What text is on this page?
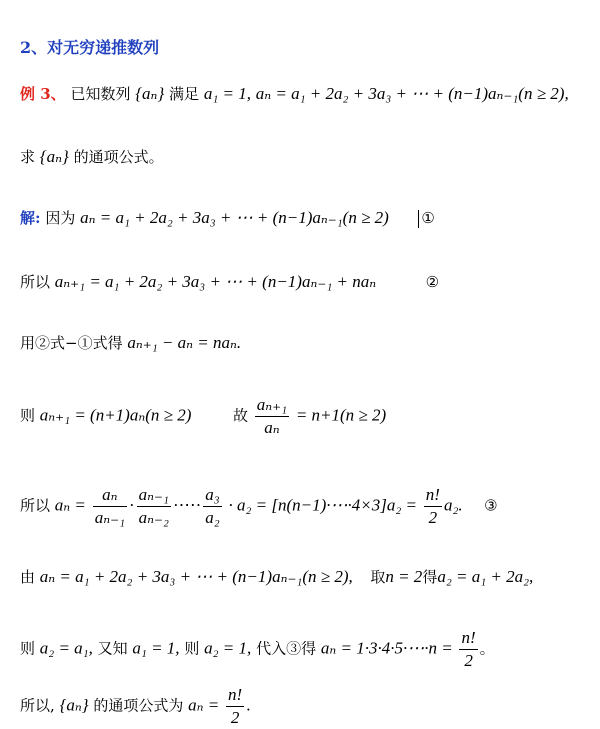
2、对无穷递推数列
例 3、 已知数列 {aₙ} 满足 a₁ = 1, aₙ = a₁ + 2a₂ + 3a₃ + ⋯ + (n−1)aₙ₋₁(n ≥ 2),
求 {aₙ} 的通项公式。
解: 因为 aₙ = a₁ + 2a₂ + 3a₃ + ⋯ + (n−1)aₙ₋₁(n ≥ 2) ①
所以 aₙ₊₁ = a₁ + 2a₂ + 3a₃ + ⋯ + (n−1)aₙ₋₁ + naₙ	②
用②式−①式得 aₙ₊₁ − aₙ = naₙ.
则 aₙ₊₁ = (n+1)aₙ(n ≥ 2)	故 $\frac{\text{aₙ₊₁}}{\text{aₙ}} = n+1(n \ge 2)$
所以 $a_n = \frac{\text{aₙ}}{\text{aₙ₋₁}} \cdot \frac{\text{aₙ₋₁}}{\text{aₙ₋₂}}$ ·⋯· $\frac{\text{a₃}}{\text{a₂}} \cdot a_2$ = [n(n−1)·⋯·4×3]a₂ = $\frac{n!}{2} a_2$. ③
由 aₙ = a₁ + 2a₂ + 3a₃ + ⋯ + (n−1)aₙ₋₁(n ≥ 2), 取n = 2得a₂ = a₁ + 2a₂,
则 a₂ = a₁, 又知 a₁ = 1, 则 a₂ = 1, 代入③得 aₙ = 1·3·4·5·⋯·n = $\frac{n!}{2}$ 。
所以, {aₙ} 的通项公式为 $a_n = \frac{n!}{2}$ .
